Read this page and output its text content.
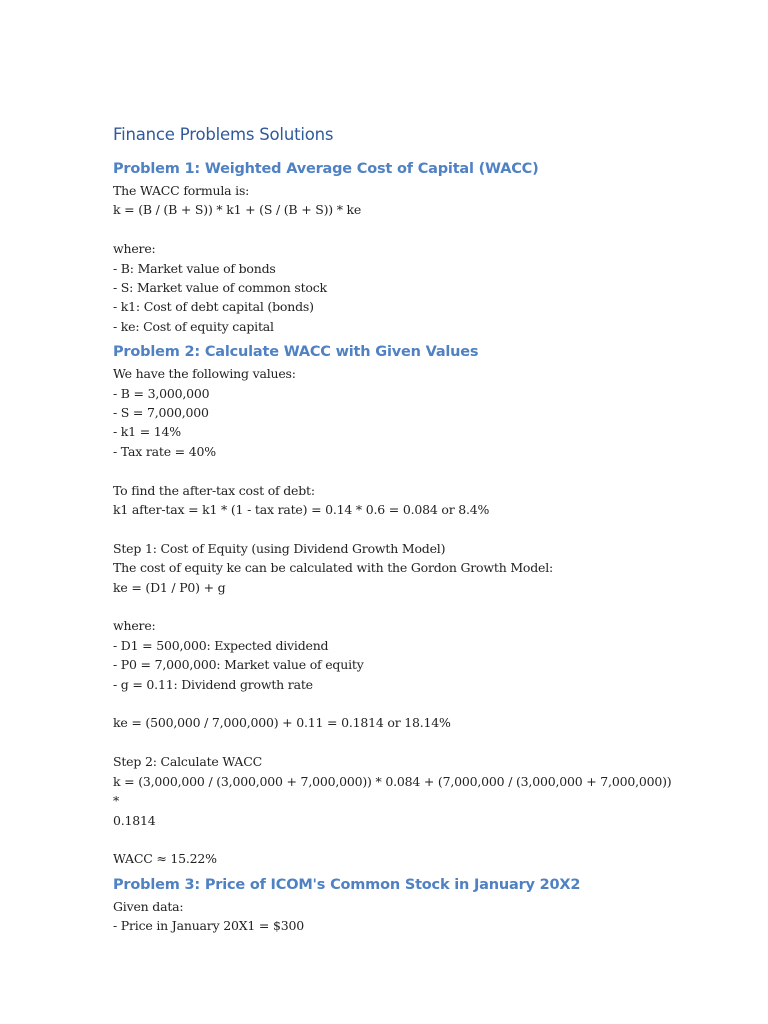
Finance Problems Solutions
Problem 1: Weighted Average Cost of Capital (WACC)

The WACC formula is:

k = (B / (B + S)) * k1 + (S / (B + S)) * ke

where:

- B: Market value of bonds

- S: Market value of common stock

- k1: Cost of debt capital (bonds)

- ke: Cost of equity capital

Problem 2: Calculate WACC with Given Values

We have the following values:

- B = 3,000,000

- S = 7,000,000

- k1 = 14%

- Tax rate = 40%

To find the after-tax cost of debt:

k1 after-tax = k1 * (1 - tax rate) = 0.14 * 0.6 = 0.084 or 8.4%

Step 1: Cost of Equity (using Dividend Growth Model)

The cost of equity ke can be calculated with the Gordon Growth Model:

ke = (D1 / P0) + g

where:

- D1 = 500,000: Expected dividend

- P0 = 7,000,000: Market value of equity

- g = 0.11: Dividend growth rate

ke = (500,000 / 7,000,000) + 0.11 = 0.1814 or 18.14%

Step 2: Calculate WACC

k = (3,000,000 / (3,000,000 + 7,000,000)) * 0.084 + (7,000,000 / (3,000,000 + 7,000,000)) *

0.1814

WACC ≈ 15.22%

Problem 3: Price of ICOM's Common Stock in January 20X2

Given data:

- Price in January 20X1 = $300
